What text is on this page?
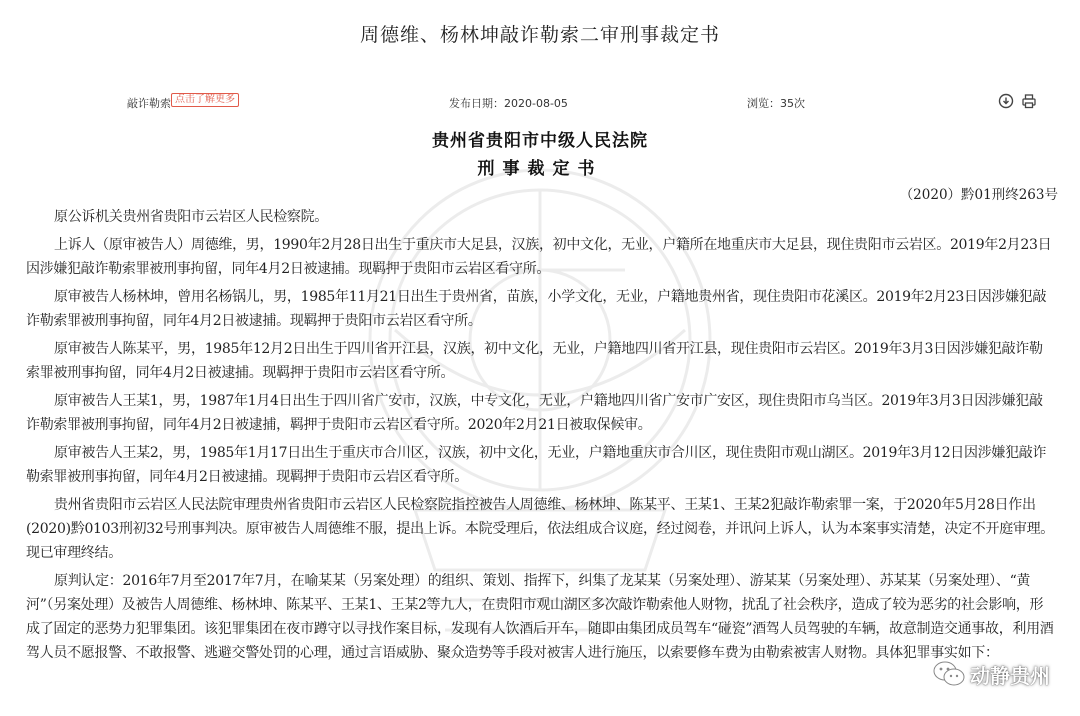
周德维、杨林坤敲诈勒索二审刑事裁定书
敲诈勒索 点击了解更多	发布日期：2020-08-05	浏览：35次
贵州省贵阳市中级人民法院
刑事裁定书
（2020）黔01刑终263号

原公诉机关贵州省贵阳市云岩区人民检察院。

上诉人（原审被告人）周德维，男，1990年2月28日出生于重庆市大足县，汉族，初中文化，无业，户籍所在地重庆市大足县，现住贵阳市云岩区。2019年2月23日因涉嫌犯敲诈勒索罪被刑事拘留，同年4月2日被逮捕。现羁押于贵阳市云岩区看守所。

原审被告人杨林坤，曾用名杨锅儿，男，1985年11月21日出生于贵州省，苗族，小学文化，无业，户籍地贵州省，现住贵阳市花溪区。2019年2月23日因涉嫌犯敲诈勒索罪被刑事拘留，同年4月2日被逮捕。现羁押于贵阳市云岩区看守所。

原审被告人陈某平，男，1985年12月2日出生于四川省开江县，汉族，初中文化，无业，户籍地四川省开江县，现住贵阳市云岩区。2019年3月3日因涉嫌犯敲诈勒索罪被刑事拘留，同年4月2日被逮捕。现羁押于贵阳市云岩区看守所。

原审被告人王某1，男，1987年1月4日出生于四川省广安市，汉族，中专文化，无业，户籍地四川省广安市广安区，现住贵阳市乌当区。2019年3月3日因涉嫌犯敲诈勒索罪被刑事拘留，同年4月2日被逮捕，羁押于贵阳市云岩区看守所。2020年2月21日被取保候审。

原审被告人王某2，男，1985年1月17日出生于重庆市合川区，汉族，初中文化，无业，户籍地重庆市合川区，现住贵阳市观山湖区。2019年3月12日因涉嫌犯敲诈勒索罪被刑事拘留，同年4月2日被逮捕。现羁押于贵阳市云岩区看守所。

贵州省贵阳市云岩区人民法院审理贵州省贵阳市云岩区人民检察院指控被告人周德维、杨林坤、陈某平、王某1、王某2犯敲诈勒索罪一案，于2020年5月28日作出(2020)黔0103刑初32号刑事判决。原审被告人周德维不服，提出上诉。本院受理后，依法组成合议庭，经过阅卷，并讯问上诉人，认为本案事实清楚，决定不开庭审理。现已审理终结。

原判认定：2016年7月至2017年7月，在喻某某（另案处理）的组织、策划、指挥下，纠集了龙某某（另案处理）、游某某（另案处理）、苏某某（另案处理）、“黄河”（另案处理）及被告人周德维、杨林坤、陈某平、王某1、王某2等九人，在贵阳市观山湖区多次敲诈勒索他人财物，扰乱了社会秩序，造成了较为恶劣的社会影响，形成了固定的恶势力犯罪集团。该犯罪集团在夜市蹲守以寻找作案目标，发现有人饮酒后开车，随即由集团成员驾车“碰瓷”酒驾人员驾驶的车辆，故意制造交通事故，利用酒驾人员不愿报警、不敢报警、逃避交警处罚的心理，通过言语威胁、聚众造势等手段对被害人进行施压，以索要修车费为由勒索被害人财物。具体犯罪事实如下：

动静贵州
